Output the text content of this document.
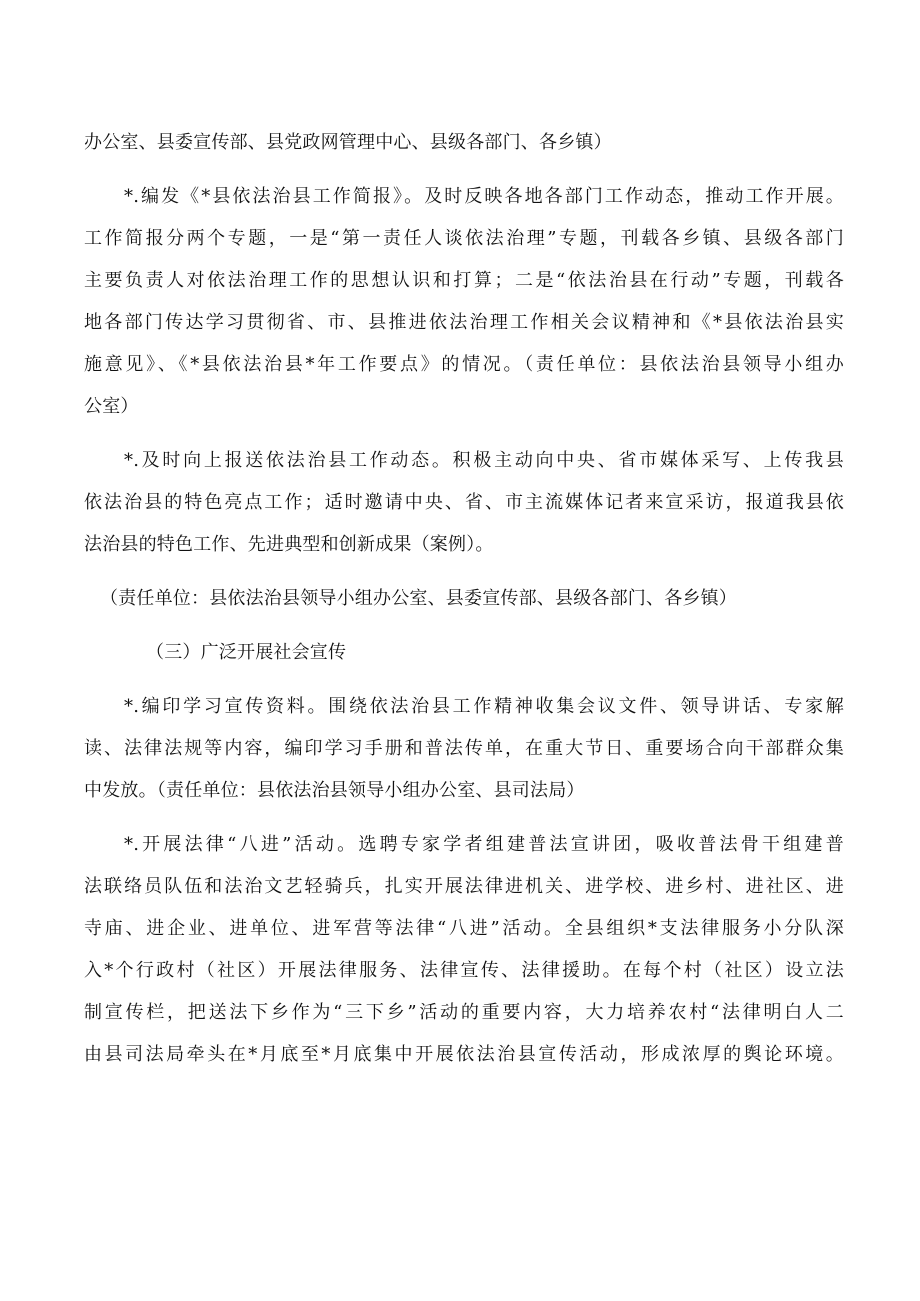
办公室、县委宣传部、县党政网管理中心、县级各部门、各乡镇）
*.编发《*县依法治县工作简报》。及时反映各地各部门工作动态，推动工作开展。
工作简报分两个专题，一是“第一责任人谈依法治理”专题，刊载各乡镇、县级各部门
主要负责人对依法治理工作的思想认识和打算；二是“依法治县在行动”专题，刊载各
地各部门传达学习贯彻省、市、县推进依法治理工作相关会议精神和《*县依法治县实
施意见》、《*县依法治县*年工作要点》的情况。（责任单位：县依法治县领导小组办
公室）
*.及时向上报送依法治县工作动态。积极主动向中央、省市媒体采写、上传我县
依法治县的特色亮点工作；适时邀请中央、省、市主流媒体记者来宣采访，报道我县依
法治县的特色工作、先进典型和创新成果（案例）。
（责任单位：县依法治县领导小组办公室、县委宣传部、县级各部门、各乡镇）
（三）广泛开展社会宣传
*.编印学习宣传资料。围绕依法治县工作精神收集会议文件、领导讲话、专家解
读、法律法规等内容，编印学习手册和普法传单，在重大节日、重要场合向干部群众集
中发放。（责任单位：县依法治县领导小组办公室、县司法局）
*.开展法律“八进”活动。选聘专家学者组建普法宣讲团，吸收普法骨干组建普
法联络员队伍和法治文艺轻骑兵，扎实开展法律进机关、进学校、进乡村、进社区、进
寺庙、进企业、进单位、进军营等法律“八进”活动。全县组织*支法律服务小分队深
入*个行政村（社区）开展法律服务、法律宣传、法律援助。在每个村（社区）设立法
制宣传栏，把送法下乡作为“三下乡”活动的重要内容，大力培养农村“法律明白人二
由县司法局牵头在*月底至*月底集中开展依法治县宣传活动，形成浓厚的舆论环境。
